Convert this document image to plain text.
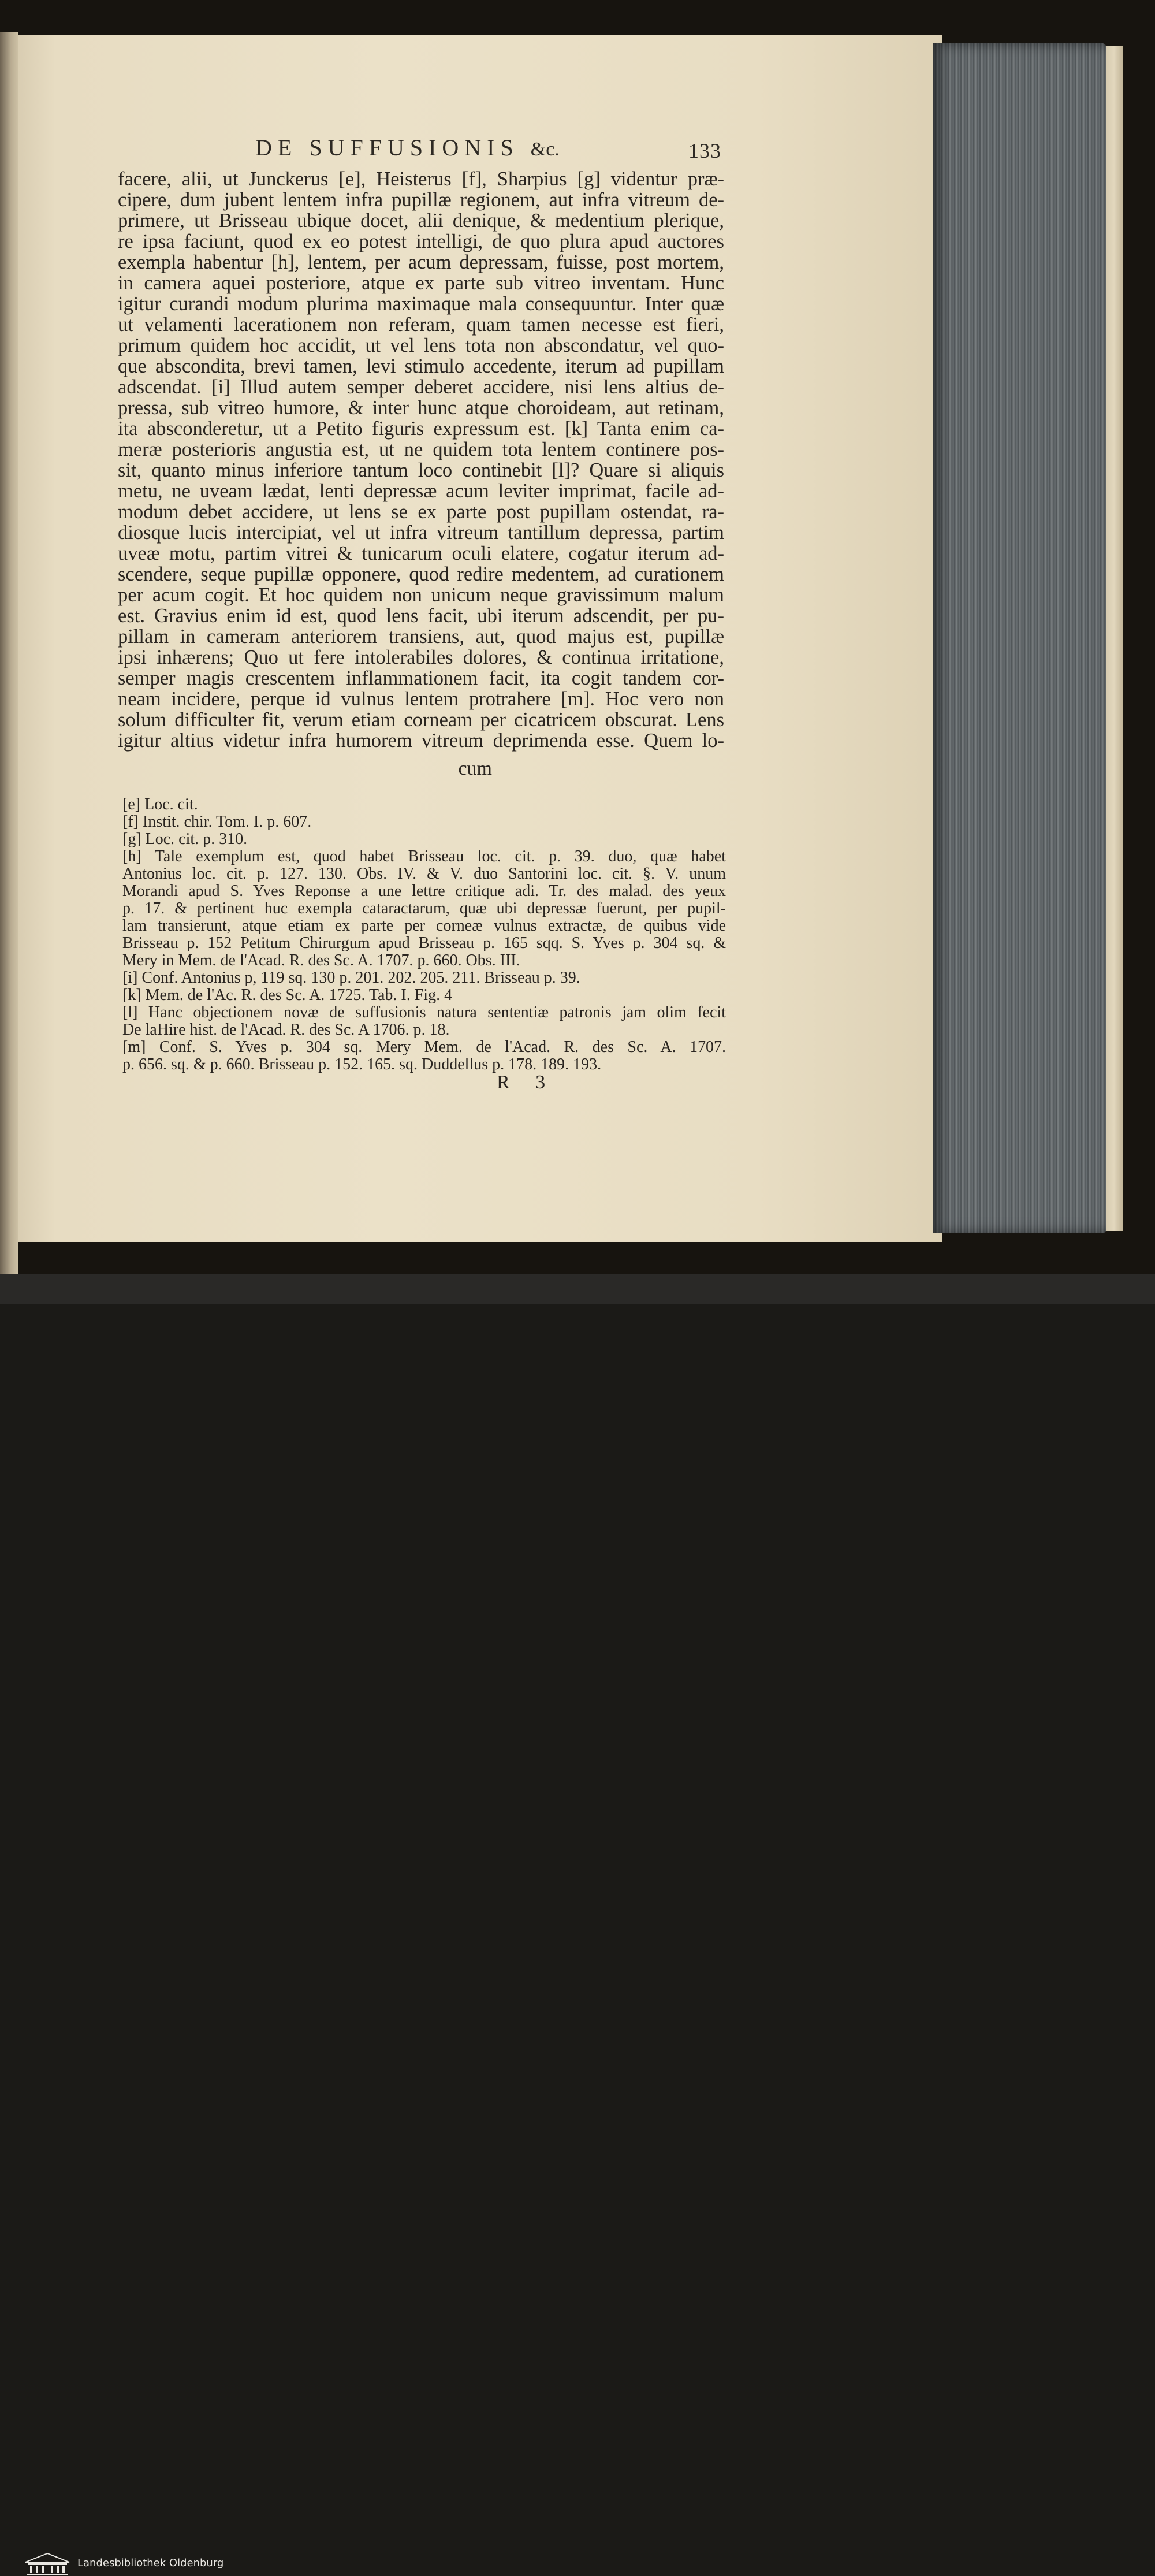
DE SUFFUSIONIS &c.	133
facere, alii, ut Junckerus [e], Heisterus [f], Sharpius [g] videntur præ-
cipere, dum jubent lentem infra pupillæ regionem, aut infra vitreum de-
primere, ut Brisseau ubique docet, alii denique, & medentium plerique,
re ipsa faciunt, quod ex eo potest intelligi, de quo plura apud auctores
exempla habentur [h], lentem, per acum depressam, fuisse, post mortem,
in camera aquei posteriore, atque ex parte sub vitreo inventam. Hunc
igitur curandi modum plurima maximaque mala consequuntur. Inter quæ
ut velamenti lacerationem non referam, quam tamen necesse est fieri,
primum quidem hoc accidit, ut vel lens tota non abscondatur, vel quo-
que abscondita, brevi tamen, levi stimulo accedente, iterum ad pupillam
adscendat. [i] Illud autem semper deberet accidere, nisi lens altius de-
pressa, sub vitreo humore, & inter hunc atque choroideam, aut retinam,
ita absconderetur, ut a Petito figuris expressum est. [k] Tanta enim ca-
meræ posterioris angustia est, ut ne quidem tota lentem continere pos-
sit, quanto minus inferiore tantum loco continebit [l]? Quare si aliquis
metu, ne uveam lædat, lenti depressæ acum leviter imprimat, facile ad-
modum debet accidere, ut lens se ex parte post pupillam ostendat, ra-
diosque lucis intercipiat, vel ut infra vitreum tantillum depressa, partim
uveæ motu, partim vitrei & tunicarum oculi elatere, cogatur iterum ad-
scendere, seque pupillæ opponere, quod redire medentem, ad curationem
per acum cogit. Et hoc quidem non unicum neque gravissimum malum
est. Gravius enim id est, quod lens facit, ubi iterum adscendit, per pu-
pillam in cameram anteriorem transiens, aut, quod majus est, pupillæ
ipsi inhærens; Quo ut fere intolerabiles dolores, & continua irritatione,
semper magis crescentem inflammationem facit, ita cogit tandem cor-
neam incidere, perque id vulnus lentem protrahere [m]. Hoc vero non
solum difficulter fit, verum etiam corneam per cicatricem obscurat. Lens
igitur altius videtur infra humorem vitreum deprimenda esse. Quem lo-
cum
[e] Loc. cit.
[f] Instit. chir. Tom. I. p. 607.
[g] Loc. cit. p. 310.
[h] Tale exemplum est, quod habet Brisseau loc. cit. p. 39. duo, quæ habet
Antonius loc. cit. p. 127. 130. Obs. IV. & V. duo Santorini loc. cit. §. V. unum
Morandi apud S. Yves Reponse a une lettre critique adi. Tr. des malad. des yeux
p. 17. & pertinent huc exempla cataractarum, quæ ubi depressæ fuerunt, per pupil-
lam transierunt, atque etiam ex parte per corneæ vulnus extractæ, de quibus vide
Brisseau p. 152 Petitum Chirurgum apud Brisseau p. 165 sqq. S. Yves p. 304 sq. &
Mery in Mem. de l'Acad. R. des Sc. A. 1707. p. 660. Obs. III.
[i] Conf. Antonius p, 119 sq. 130 p. 201. 202. 205. 211. Brisseau p. 39.
[k] Mem. de l'Ac. R. des Sc. A. 1725. Tab. I. Fig. 4
[l] Hanc objectionem novæ de suffusionis natura sententiæ patronis jam olim fecit
De laHire hist. de l'Acad. R. des Sc. A 1706. p. 18.
[m] Conf. S. Yves p. 304 sq. Mery Mem. de l'Acad. R. des Sc. A. 1707.
p. 656. sq. & p. 660. Brisseau p. 152. 165. sq. Duddellus p. 178. 189. 193.
R 3
Landesbibliothek Oldenburg
